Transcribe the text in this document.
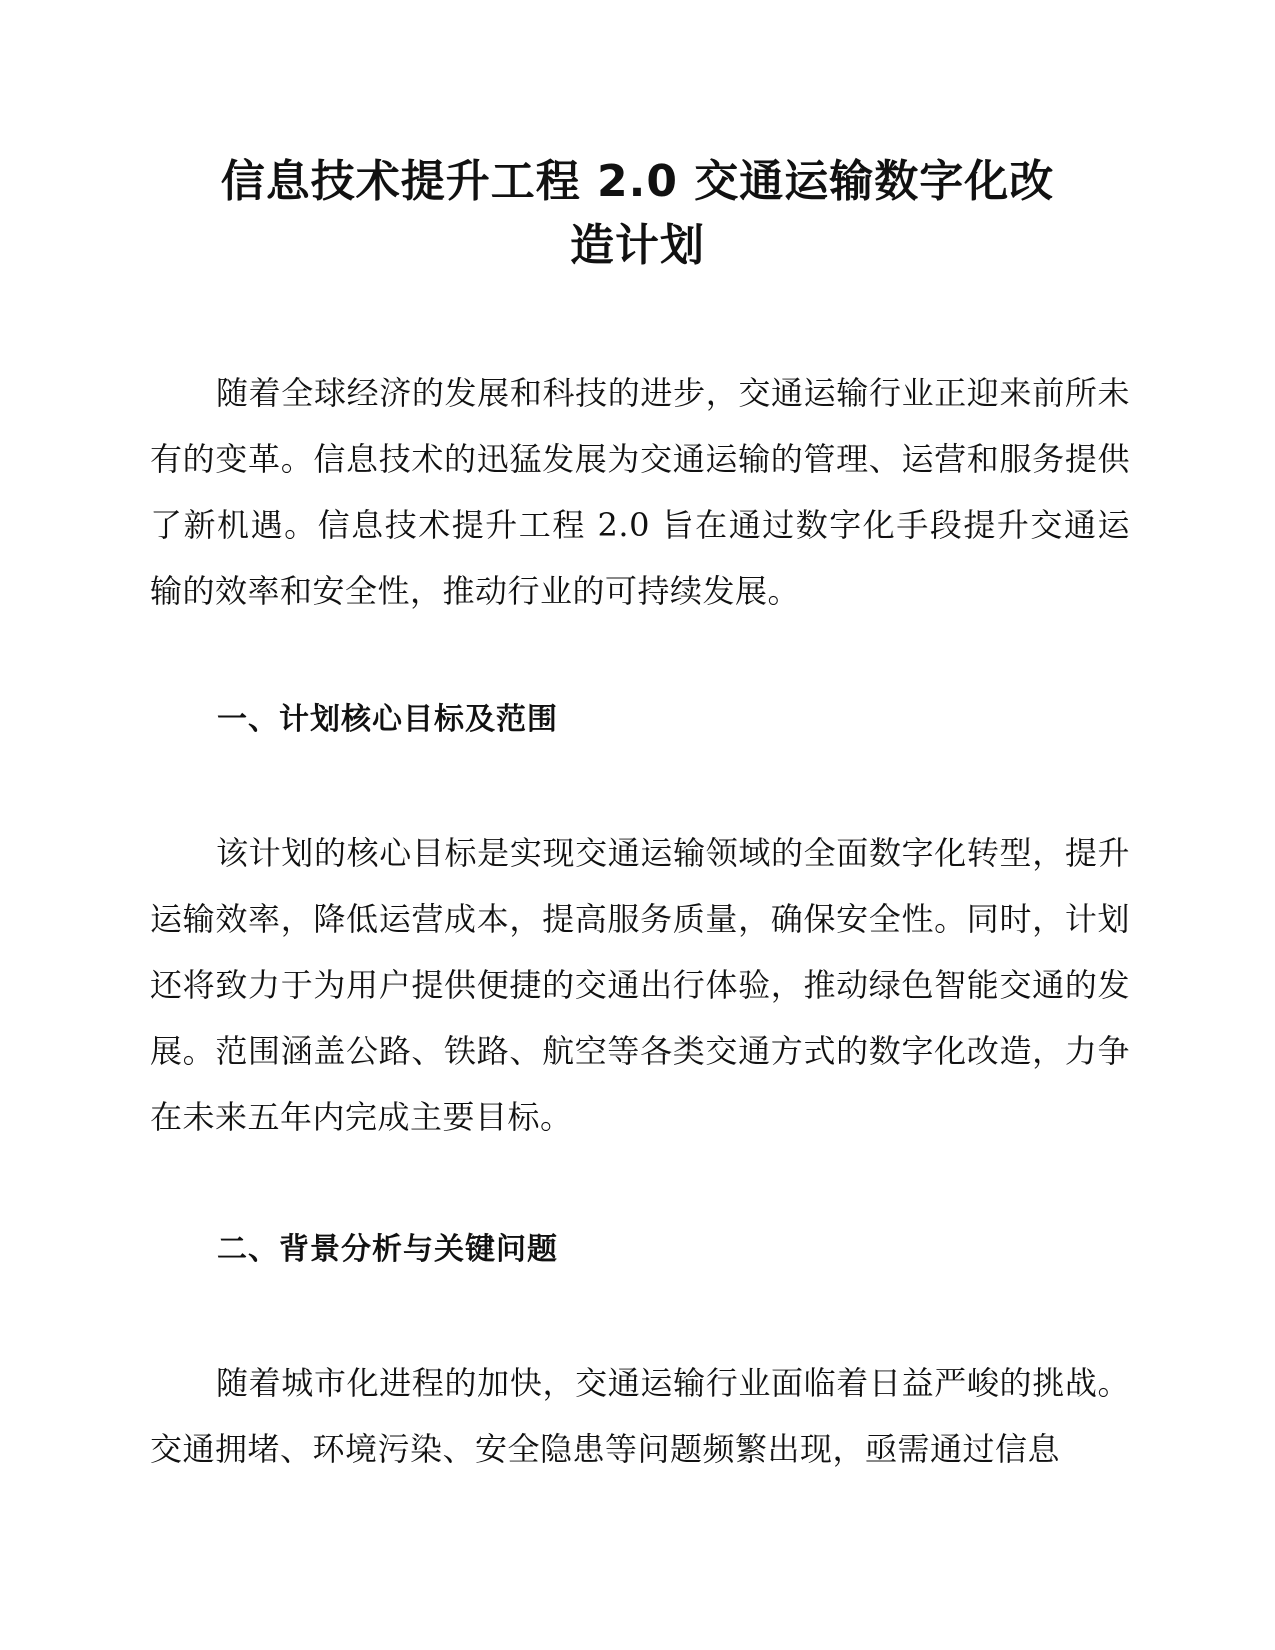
信息技术提升工程 2.0 交通运输数字化改
造计划

随着全球经济的发展和科技的进步，交通运输行业正迎来前所未有的变革。信息技术的迅猛发展为交通运输的管理、运营和服务提供了新机遇。信息技术提升工程 2.0 旨在通过数字化手段提升交通运输的效率和安全性，推动行业的可持续发展。

一、计划核心目标及范围

该计划的核心目标是实现交通运输领域的全面数字化转型，提升运输效率，降低运营成本，提高服务质量，确保安全性。同时，计划还将致力于为用户提供便捷的交通出行体验，推动绿色智能交通的发展。范围涵盖公路、铁路、航空等各类交通方式的数字化改造，力争在未来五年内完成主要目标。

二、背景分析与关键问题

随着城市化进程的加快，交通运输行业面临着日益严峻的挑战。交通拥堵、环境污染、安全隐患等问题频繁出现，亟需通过信息
